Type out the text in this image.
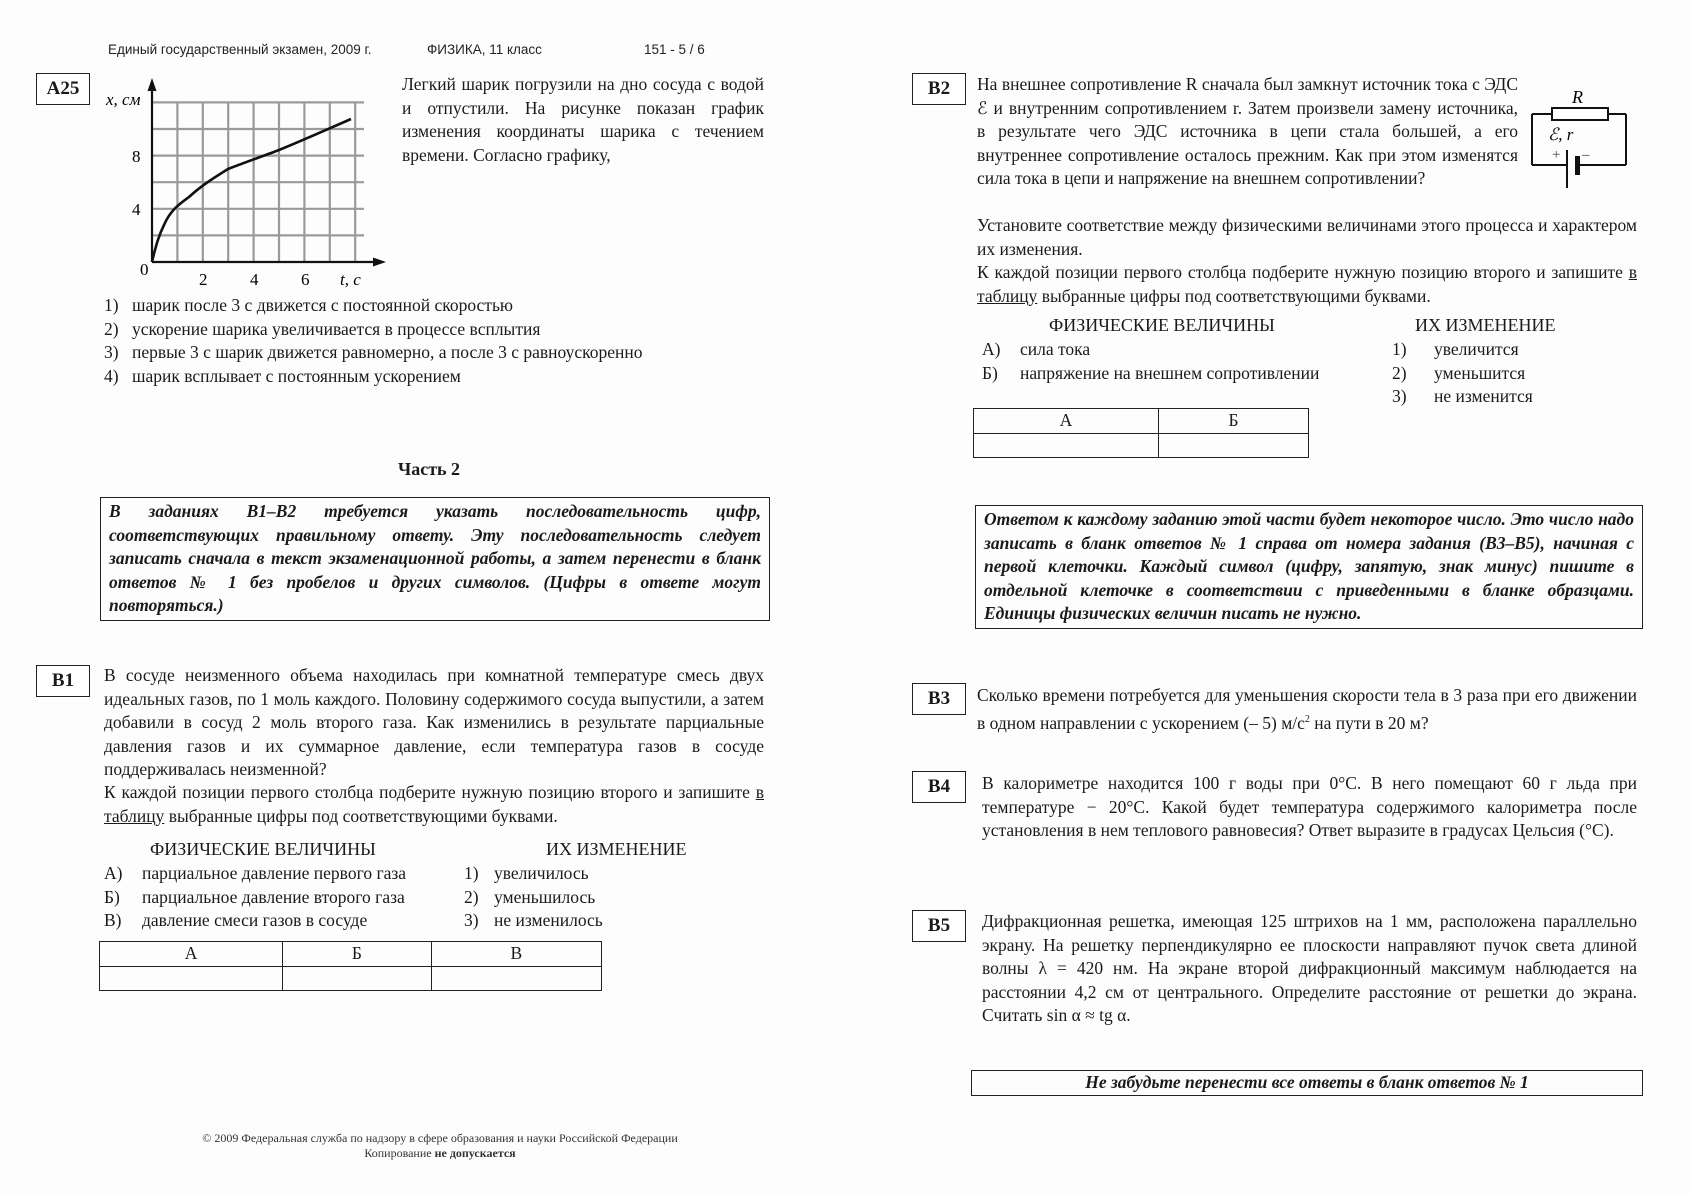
Единый государственный экзамен, 2009 г.	ФИЗИКА, 11 класс	151 - 5 / 6
A25
x, см
8
4
0
2	4	6 t, с
Легкий шарик погрузили на дно сосуда с водой и отпустили. На рисунке показан график изменения координаты шарика с течением времени. Согласно графику,
1) шарик после 3 с движется с постоянной скоростью
2) ускорение шарика увеличивается в процессе всплытия
3) первые 3 с шарик движется равномерно, а после 3 с равноускоренно
4) шарик всплывает с постоянным ускорением
Часть 2
В заданиях В1–В2 требуется указать последовательность цифр, соответствующих правильному ответу. Эту последовательность следует записать сначала в текст экзаменационной работы, а затем перенести в бланк ответов № 1 без пробелов и других символов. (Цифры в ответе могут повторяться.)
B1	В сосуде неизменного объема находилась при комнатной температуре смесь двух идеальных газов, по 1 моль каждого. Половину содержимого сосуда выпустили, а затем добавили в сосуд 2 моль второго газа. Как изменились в результате парциальные давления газов и их суммарное давление, если температура газов в сосуде поддерживалась неизменной?
К каждой позиции первого столбца подберите нужную позицию второго и запишите в таблицу выбранные цифры под соответствующими буквами.
ФИЗИЧЕСКИЕ ВЕЛИЧИНЫ	ИХ ИЗМЕНЕНИЕ
А)	парциальное давление первого газа
Б)	парциальное давление второго газа
В)	давление смеси газов в сосуде
1) увеличилось
2) уменьшилось
3) не изменилось
А	Б	В

© 2009 Федеральная служба по надзору в сфере образования и науки Российской Федерации
Копирование не допускается
B2	На внешнее сопротивление R сначала был замкнут источник тока с ЭДС ℰ и внутренним сопротивлением r. Затем произвели замену источника, в результате чего ЭДС источника в цепи стала большей, а его внутреннее сопротивление осталось прежним. Как при этом изменятся сила тока в цепи и напряжение на внешнем сопротивлении?
R
ℰ, r
+ –
Установите соответствие между физическими величинами этого процесса и характером их изменения.
К каждой позиции первого столбца подберите нужную позицию второго и запишите в таблицу выбранные цифры под соответствующими буквами.
ФИЗИЧЕСКИЕ ВЕЛИЧИНЫ	ИХ ИЗМЕНЕНИЕ
А)	сила тока
Б)	напряжение на внешнем сопротивлении
1)	увеличится
2)	уменьшится
3)	не изменится
А	Б

Ответом к каждому заданию этой части будет некоторое число. Это число надо записать в бланк ответов № 1 справа от номера задания (В3–В5), начиная с первой клеточки. Каждый символ (цифру, запятую, знак минус) пишите в отдельной клеточке в соответствии с приведенными в бланке образцами. Единицы физических величин писать не нужно.
B3	Сколько времени потребуется для уменьшения скорости тела в 3 раза при его движении в одном направлении с ускорением (– 5) $м/с^2$ на пути в 20 м?
B4	В калориметре находится 100 г воды при 0°С. В него помещают 60 г льда при температуре − 20°С. Какой будет температура содержимого калориметра после установления в нем теплового равновесия? Ответ выразите в градусах Цельсия (°С).
B5	Дифракционная решетка, имеющая 125 штрихов на 1 мм, расположена параллельно экрану. На решетку перпендикулярно ее плоскости направляют пучок света длиной волны λ = 420 нм. На экране второй дифракционный максимум наблюдается на расстоянии 4,2 см от центрального. Определите расстояние от решетки до экрана. Считать sin α ≈ tg α.
Не забудьте перенести все ответы в бланк ответов № 1
